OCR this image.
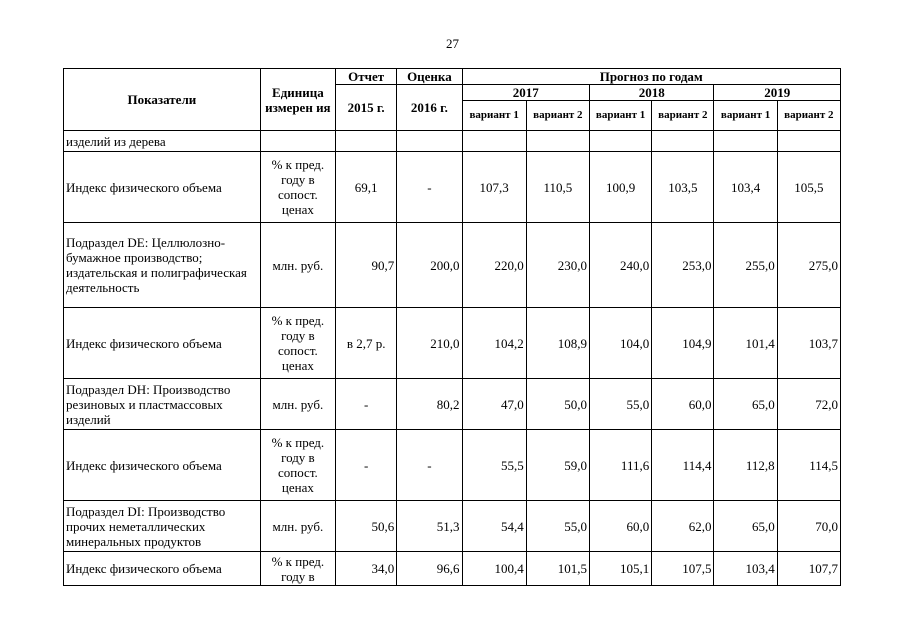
27
Показатели	Единица измерен ия	Отчет	Оценка	Прогноз по годам					
		2015 г.	2016 г.	2017		2018		2019	
				вариант 1	вариант 2	вариант 1	вариант 2	вариант 1	вариант 2
изделий из дерева									
Индекс физического объема	% к пред. году в сопост. ценах	69,1	-	107,3	110,5	100,9	103,5	103,4	105,5
Подраздел DE: Целлюлозно-бумажное производство; издательская и полиграфическая деятельность	млн. руб.	90,7	200,0	220,0	230,0	240,0	253,0	255,0	275,0
Индекс физического объема	% к пред. году в сопост. ценах	в 2,7 р.	210,0	104,2	108,9	104,0	104,9	101,4	103,7
Подраздел DH: Производство резиновых и пластмассовых изделий	млн. руб.	-	80,2	47,0	50,0	55,0	60,0	65,0	72,0
Индекс физического объема	% к пред. году в сопост. ценах	-	-	55,5	59,0	111,6	114,4	112,8	114,5
Подраздел DI: Производство прочих неметаллических минеральных продуктов	млн. руб.	50,6	51,3	54,4	55,0	60,0	62,0	65,0	70,0
Индекс физического объема	% к пред. году в	34,0	96,6	100,4	101,5	105,1	107,5	103,4	107,7
